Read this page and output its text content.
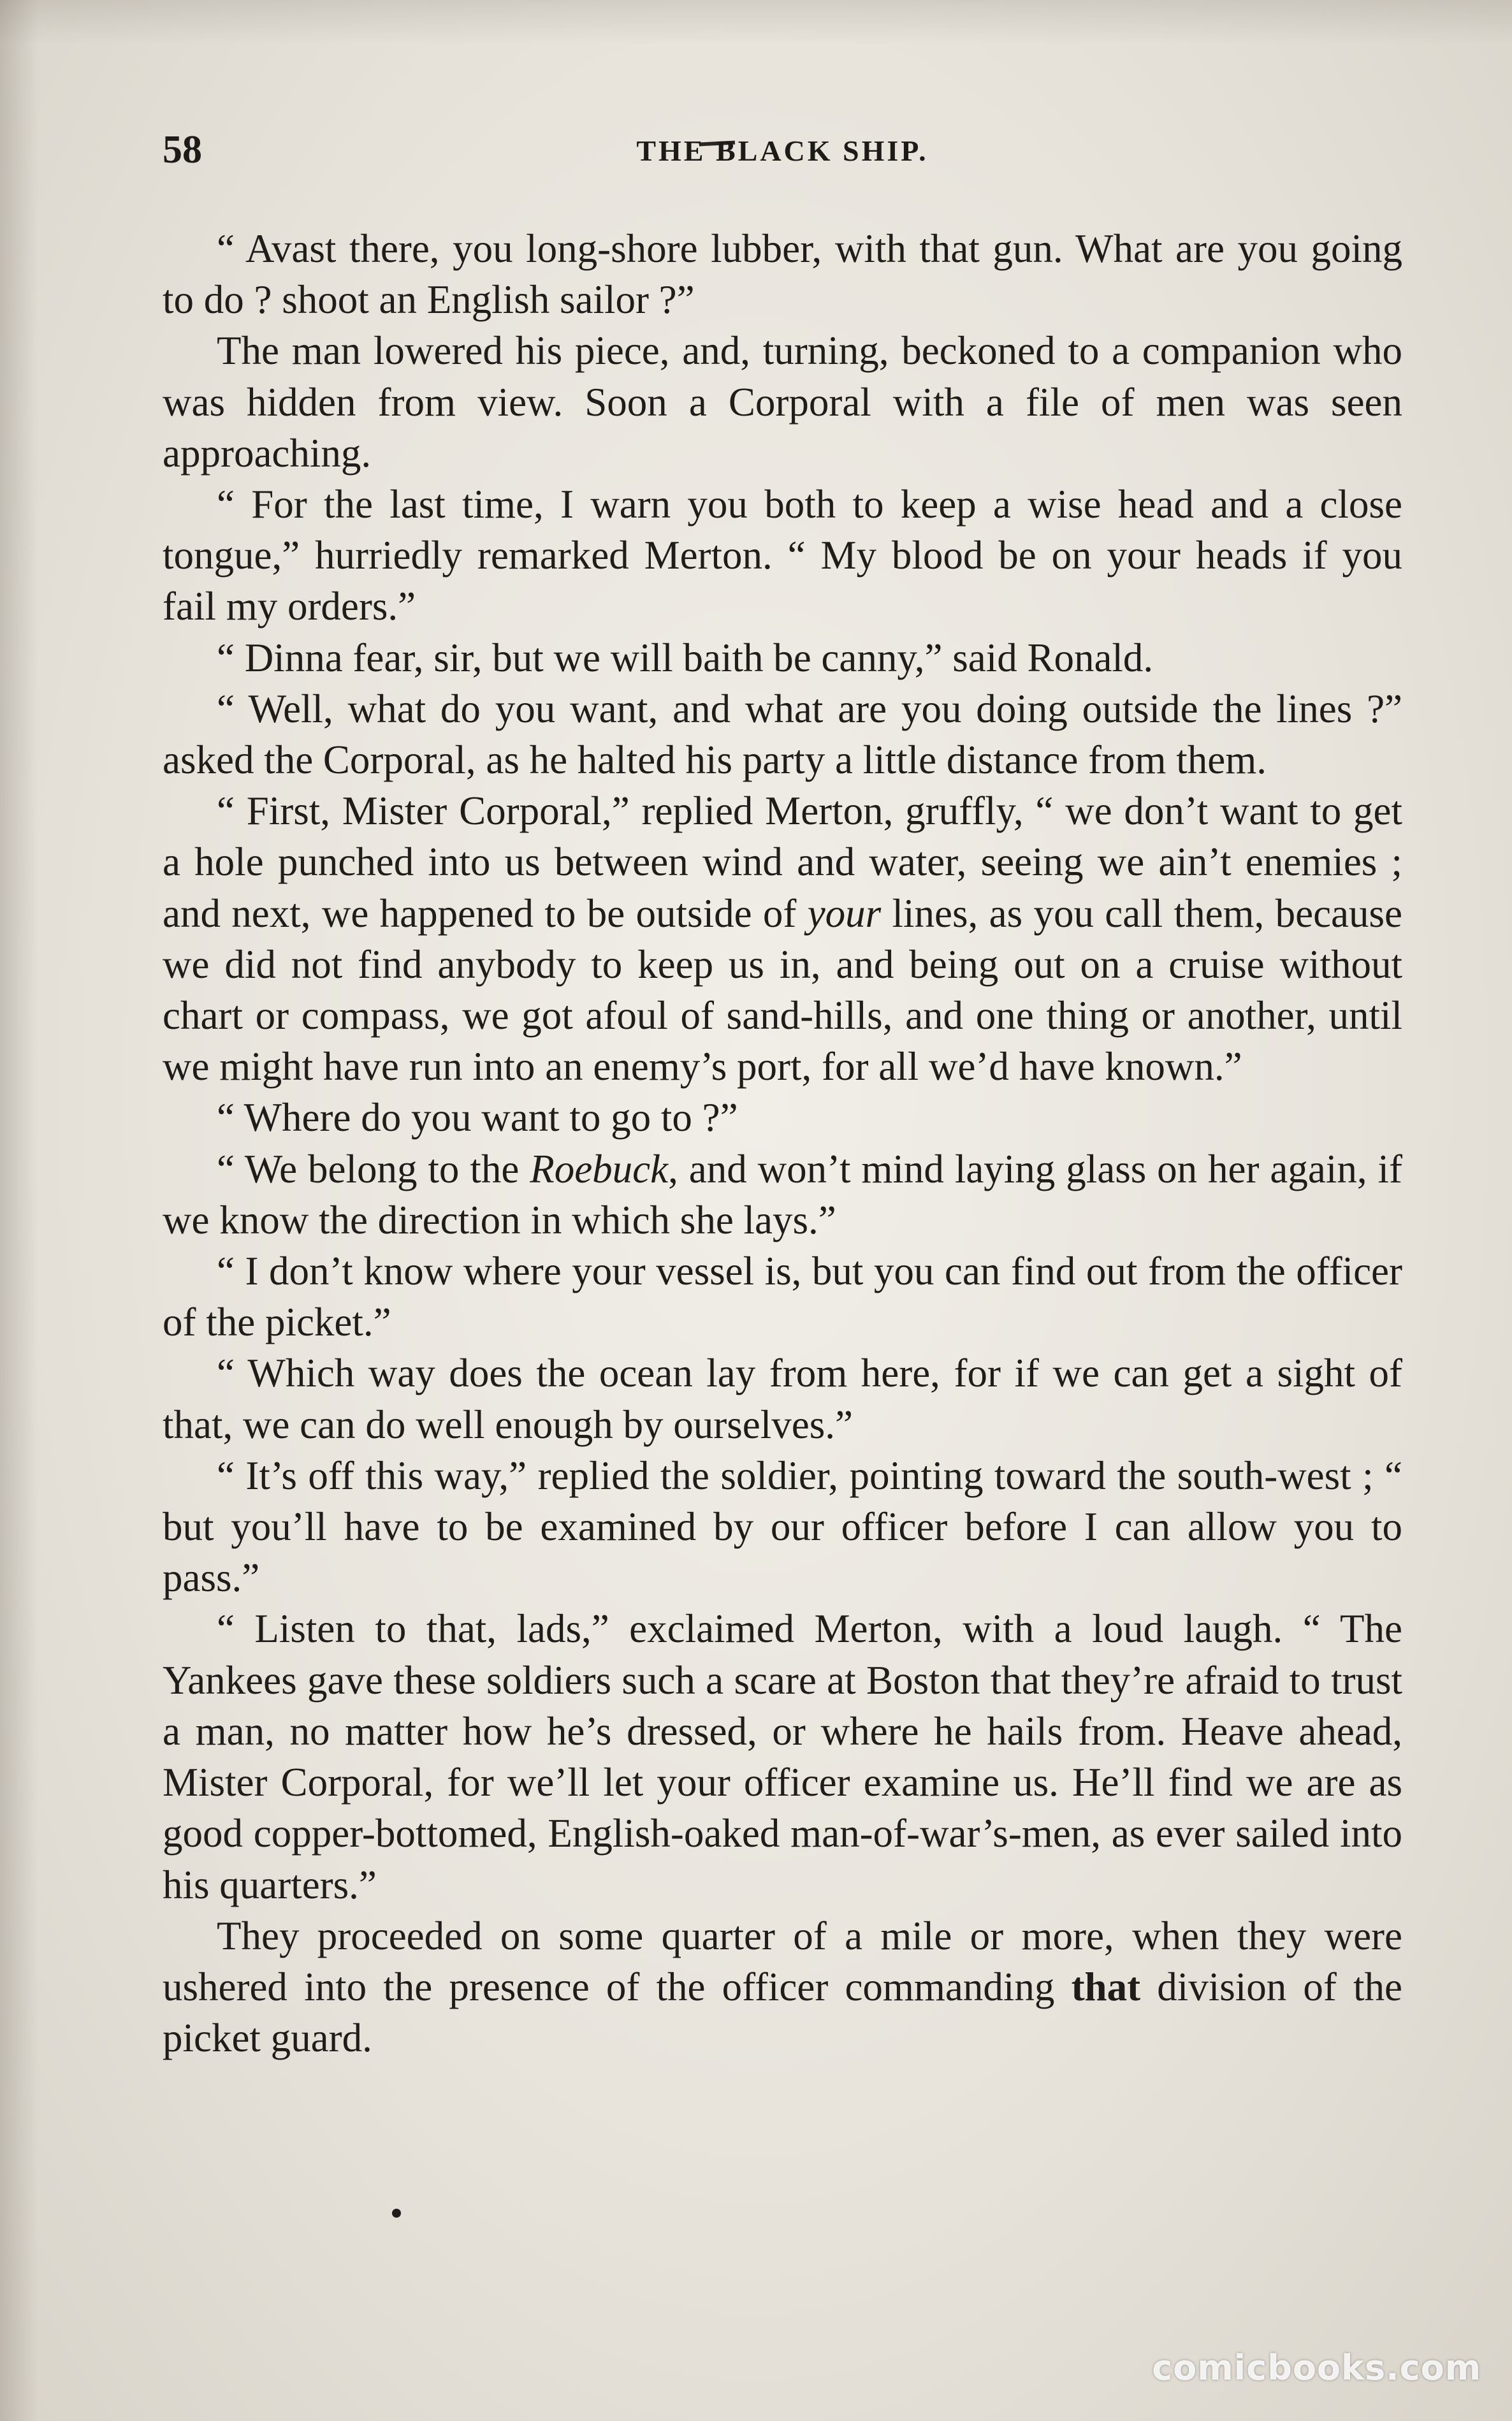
58	THE BLACK SHIP.

“ Avast there, you long-shore lubber, with that gun. What are you going to do ? shoot an English sailor ?”

The man lowered his piece, and, turning, beckoned to a companion who was hidden from view. Soon a Corporal with a file of men was seen approaching.

“ For the last time, I warn you both to keep a wise head and a close tongue,” hurriedly remarked Merton. “ My blood be on your heads if you fail my orders.”

“ Dinna fear, sir, but we will baith be canny,” said Ronald.

“ Well, what do you want, and what are you doing outside the lines ?” asked the Corporal, as he halted his party a little distance from them.

“ First, Mister Corporal,” replied Merton, gruffly, “ we don’t want to get a hole punched into us between wind and water, seeing we ain’t enemies ; and next, we happened to be outside of your lines, as you call them, because we did not find anybody to keep us in, and being out on a cruise without chart or compass, we got afoul of sand-hills, and one thing or another, until we might have run into an enemy’s port, for all we’d have known.”

“ Where do you want to go to ?”

“ We belong to the Roebuck, and won’t mind laying glass on her again, if we know the direction in which she lays.”

“ I don’t know where your vessel is, but you can find out from the officer of the picket.”

“ Which way does the ocean lay from here, for if we can get a sight of that, we can do well enough by ourselves.”

“ It’s off this way,” replied the soldier, pointing toward the south-west ; “ but you’ll have to be examined by our officer before I can allow you to pass.”

“ Listen to that, lads,” exclaimed Merton, with a loud laugh. “ The Yankees gave these soldiers such a scare at Boston that they’re afraid to trust a man, no matter how he’s dressed, or where he hails from. Heave ahead, Mister Corporal, for we’ll let your officer examine us. He’ll find we are as good copper-bottomed, English-oaked man-of-war’s-men, as ever sailed into his quarters.”

They proceeded on some quarter of a mile or more, when they were ushered into the presence of the officer commanding that division of the picket guard.

comicbooks.com
